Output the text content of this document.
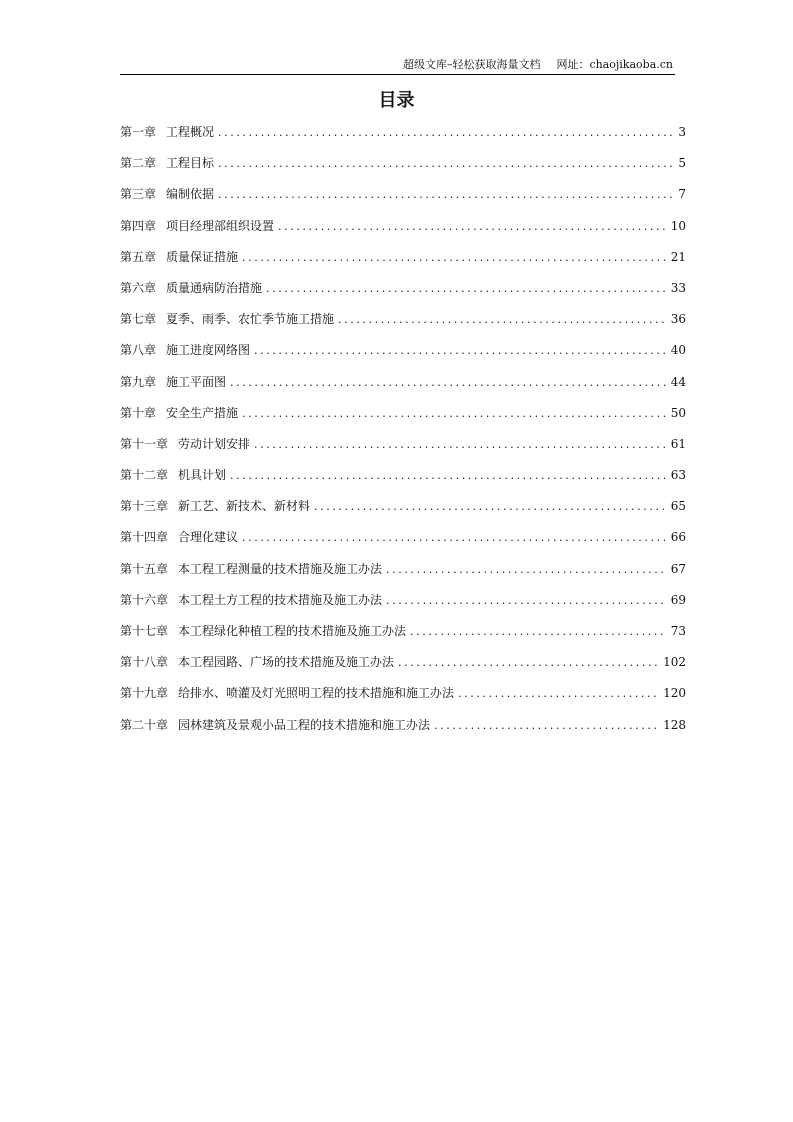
超级文库–轻松获取海量文档 网址：chaojikaoba.cn
目录
第一章 工程概况 .....	3
第二章 工程目标 .....	5
第三章 编制依据 .....	7
第四章 项目经理部组织设置 .....	10
第五章 质量保证措施 .....	21
第六章 质量通病防治措施 .....	33
第七章 夏季、雨季、农忙季节施工措施 .....	36
第八章 施工进度网络图 .....	40
第九章 施工平面图 .....	44
第十章 安全生产措施 .....	50
第十一章 劳动计划安排 .....	61
第十二章 机具计划 .....	63
第十三章 新工艺、新技术、新材料 .....	65
第十四章 合理化建议 .....	66
第十五章 本工程工程测量的技术措施及施工办法 .....	67
第十六章 本工程土方工程的技术措施及施工办法 .....	69
第十七章 本工程绿化种植工程的技术措施及施工办法 .....	73
第十八章 本工程园路、广场的技术措施及施工办法 .....	102
第十九章 给排水、喷灌及灯光照明工程的技术措施和施工办法 .....	120
第二十章 园林建筑及景观小品工程的技术措施和施工办法 .....	128
